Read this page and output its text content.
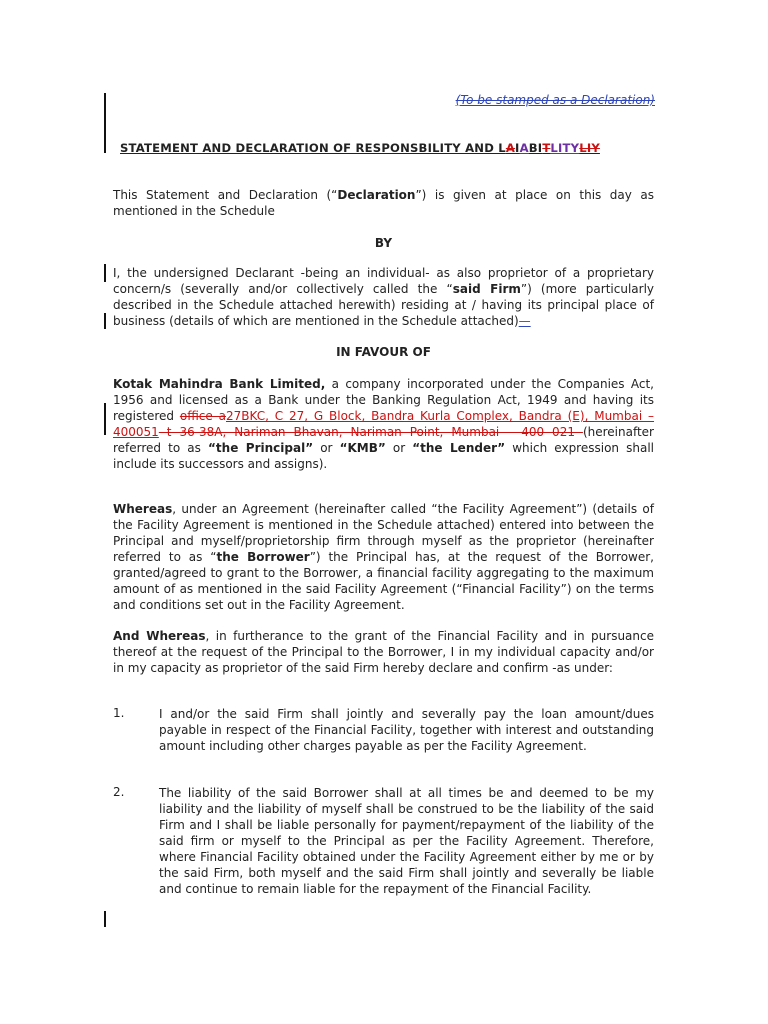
(To be stamped as a Declaration)
STATEMENT AND DECLARATION OF RESPONSBILITY AND LAIABITLITYLIY
This Statement and Declaration (“Declaration”) is given at place on this day as mentioned in the Schedule
BY
I, the undersigned Declarant -being an individual- as also proprietor of a proprietary concern/s (severally and/or collectively called the “said Firm”) (more particularly described in the Schedule attached herewith) residing at / having its principal place of business (details of which are mentioned in the Schedule attached)—
IN FAVOUR OF
Kotak Mahindra Bank Limited, a company incorporated under the Companies Act, 1956 and licensed as a Bank under the Banking Regulation Act, 1949 and having its registered office a27BKC, C 27, G Block, Bandra Kurla Complex, Bandra (E), Mumbai – 400051 t 36-38A, Nariman Bhavan, Nariman Point, Mumbai – 400 021 (hereinafter referred to as “the Principal” or “KMB” or “the Lender” which expression shall include its successors and assigns).
Whereas, under an Agreement (hereinafter called “the Facility Agreement”) (details of the Facility Agreement is mentioned in the Schedule attached) entered into between the Principal and myself/proprietorship firm through myself as the proprietor (hereinafter referred to as “the Borrower”) the Principal has, at the request of the Borrower, granted/agreed to grant to the Borrower, a financial facility aggregating to the maximum amount of as mentioned in the said Facility Agreement (“Financial Facility”) on the terms and conditions set out in the Facility Agreement.
And Whereas, in furtherance to the grant of the Financial Facility and in pursuance thereof at the request of the Principal to the Borrower, I in my individual capacity and/or in my capacity as proprietor of the said Firm hereby declare and confirm -as under:
1.	I and/or the said Firm shall jointly and severally pay the loan amount/dues payable in respect of the Financial Facility, together with interest and outstanding amount including other charges payable as per the Facility Agreement.
2.	The liability of the said Borrower shall at all times be and deemed to be my liability and the liability of myself shall be construed to be the liability of the said Firm and I shall be liable personally for payment/repayment of the liability of the said firm or myself to the Principal as per the Facility Agreement. Therefore, where Financial Facility obtained under the Facility Agreement either by me or by the said Firm, both myself and the said Firm shall jointly and severally be liable and continue to remain liable for the repayment of the Financial Facility.
